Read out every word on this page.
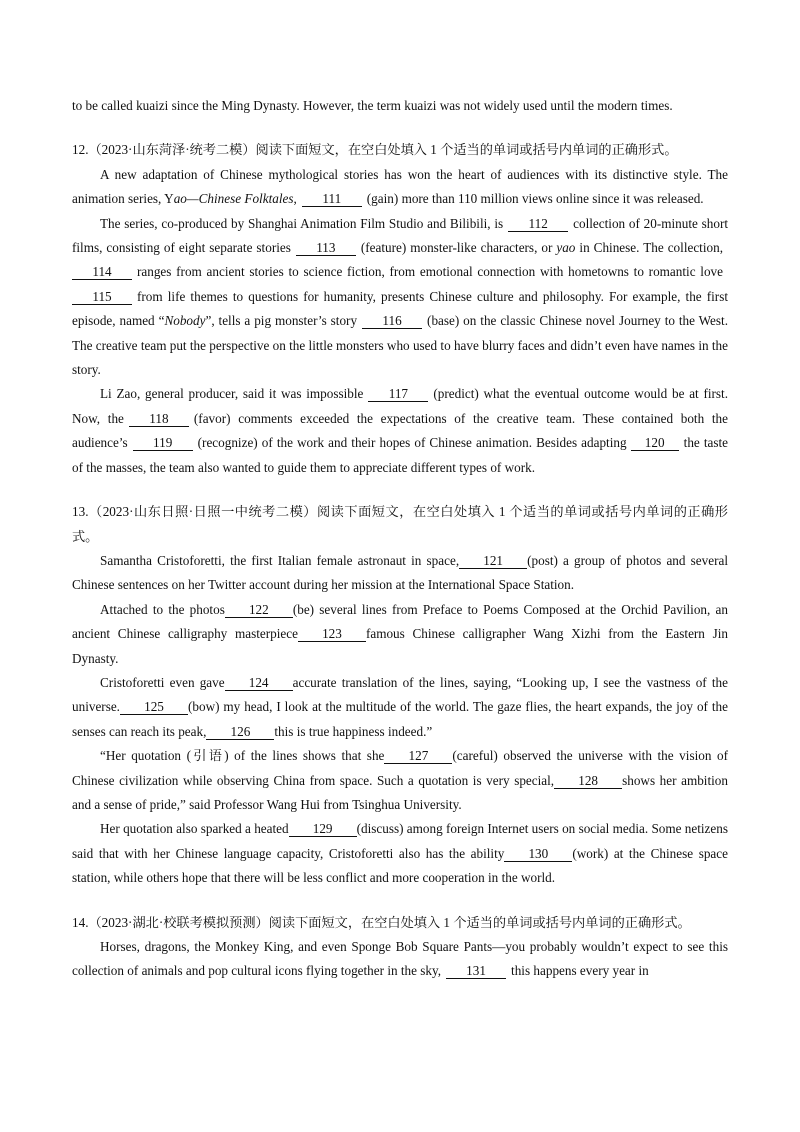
to be called kuaizi since the Ming Dynasty. However, the term kuaizi was not widely used until the modern times.

12.（2023·山东菏泽·统考二模）阅读下面短文，在空白处填入 1 个适当的单词或括号内单词的正确形式。

A new adaptation of Chinese mythological stories has won the heart of audiences with its distinctive style. The animation series, Yao—Chinese Folktales, 111 (gain) more than 110 million views online since it was released.

The series, co-produced by Shanghai Animation Film Studio and Bilibili, is 112 collection of 20-minute short films, consisting of eight separate stories 113 (feature) monster-like characters, or yao in Chinese. The collection,114 ranges from ancient stories to science fiction, from emotional connection with hometowns to romantic love115 from life themes to questions for humanity, presents Chinese culture and philosophy. For example, the first episode, named “Nobody”, tells a pig monster’s story 116 (base) on the classic Chinese novel Journey to the West. The creative team put the perspective on the little monsters who used to have blurry faces and didn’t even have names in the story.

Li Zao, general producer, said it was impossible 117 (predict) what the eventual outcome would be at first. Now, the 118 (favor) comments exceeded the expectations of the creative team. These contained both the audience’s 119 (recognize) of the work and their hopes of Chinese animation. Besides adapting 120 the taste of the masses, the team also wanted to guide them to appreciate different types of work.

13.（2023·山东日照·日照一中统考二模）阅读下面短文，在空白处填入 1 个适当的单词或括号内单词的正确形式。

Samantha Cristoforetti, the first Italian female astronaut in space, 121 (post) a group of photos and several Chinese sentences on her Twitter account during her mission at the International Space Station.

Attached to the photos 122 (be) several lines from Preface to Poems Composed at the Orchid Pavilion, an ancient Chinese calligraphy masterpiece 123 famous Chinese calligrapher Wang Xizhi from the Eastern Jin Dynasty.

Cristoforetti even gave 124 accurate translation of the lines, saying, “Looking up, I see the vastness of the universe. 125 (bow) my head, I look at the multitude of the world. The gaze flies, the heart expands, the joy of the senses can reach its peak, 126 this is true happiness indeed.”

“Her quotation (引语) of the lines shows that she 127 (careful) observed the universe with the vision of Chinese civilization while observing China from space. Such a quotation is very special, 128 shows her ambition and a sense of pride,” said Professor Wang Hui from Tsinghua University.

Her quotation also sparked a heated 129 (discuss) among foreign Internet users on social media. Some netizens said that with her Chinese language capacity, Cristoforetti also has the ability 130 (work) at the Chinese space station, while others hope that there will be less conflict and more cooperation in the world.

14.（2023·湖北·校联考模拟预测）阅读下面短文，在空白处填入 1 个适当的单词或括号内单词的正确形式。

Horses, dragons, the Monkey King, and even Sponge Bob Square Pants—you probably wouldn’t expect to see this collection of animals and pop cultural icons flying together in the sky, 131 this happens every year in
